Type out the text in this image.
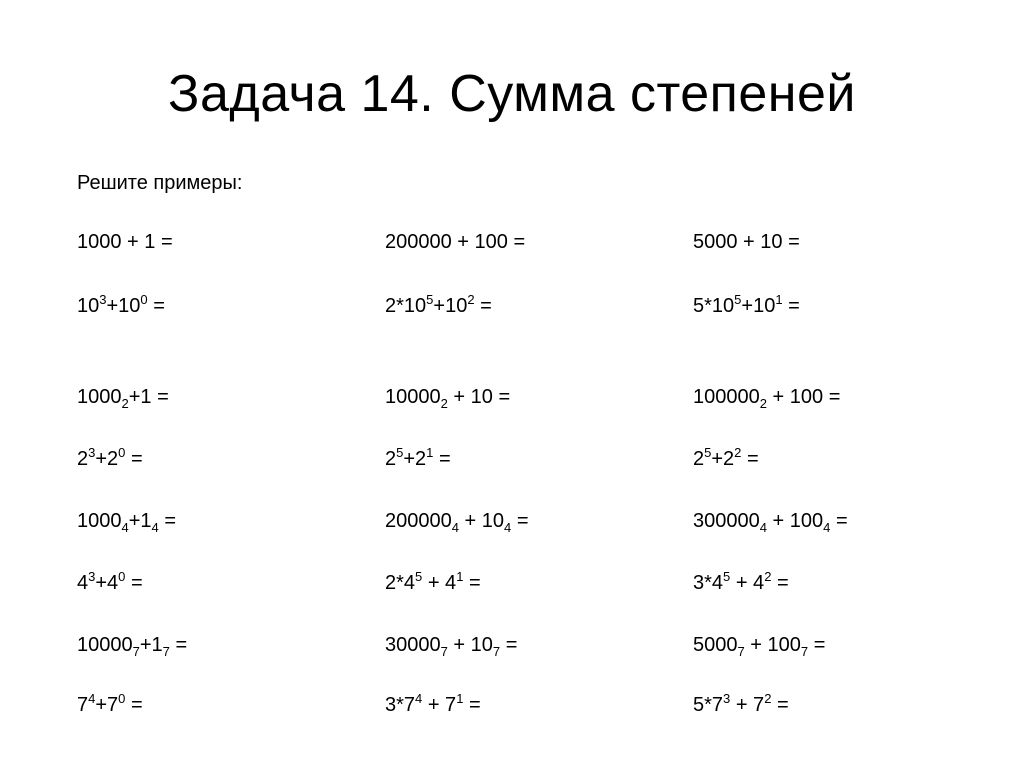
Задача 14. Сумма степеней
Решите примеры:
1000 + 1 =	200000 + 100 =	5000 + 10 =
$10^3+10^0$ =	$2*10^5+10^2$ =	$5*10^5+10^1$ =
$1000_2+1$ =	$10000_2 + 10$ =	$100000_2 + 100$ =
$2^3+2^0$ =	$2^5+2^1$ =	$2^5+2^2$ =
$1000_4+1_4$ =	$200000_4 + 10_4$ =	$300000_4 + 100_4$ =
$4^3+4^0$ =	$2*4^5 + 4^1$ =	$3*4^5 + 4^2$ =
$10000_7+1_7$ =	$30000_7 + 10_7$ =	$5000_7 + 100_7$ =
$7^4+7^0$ =	$3*7^4 + 7^1$ =	$5*7^3 + 7^2$ =
